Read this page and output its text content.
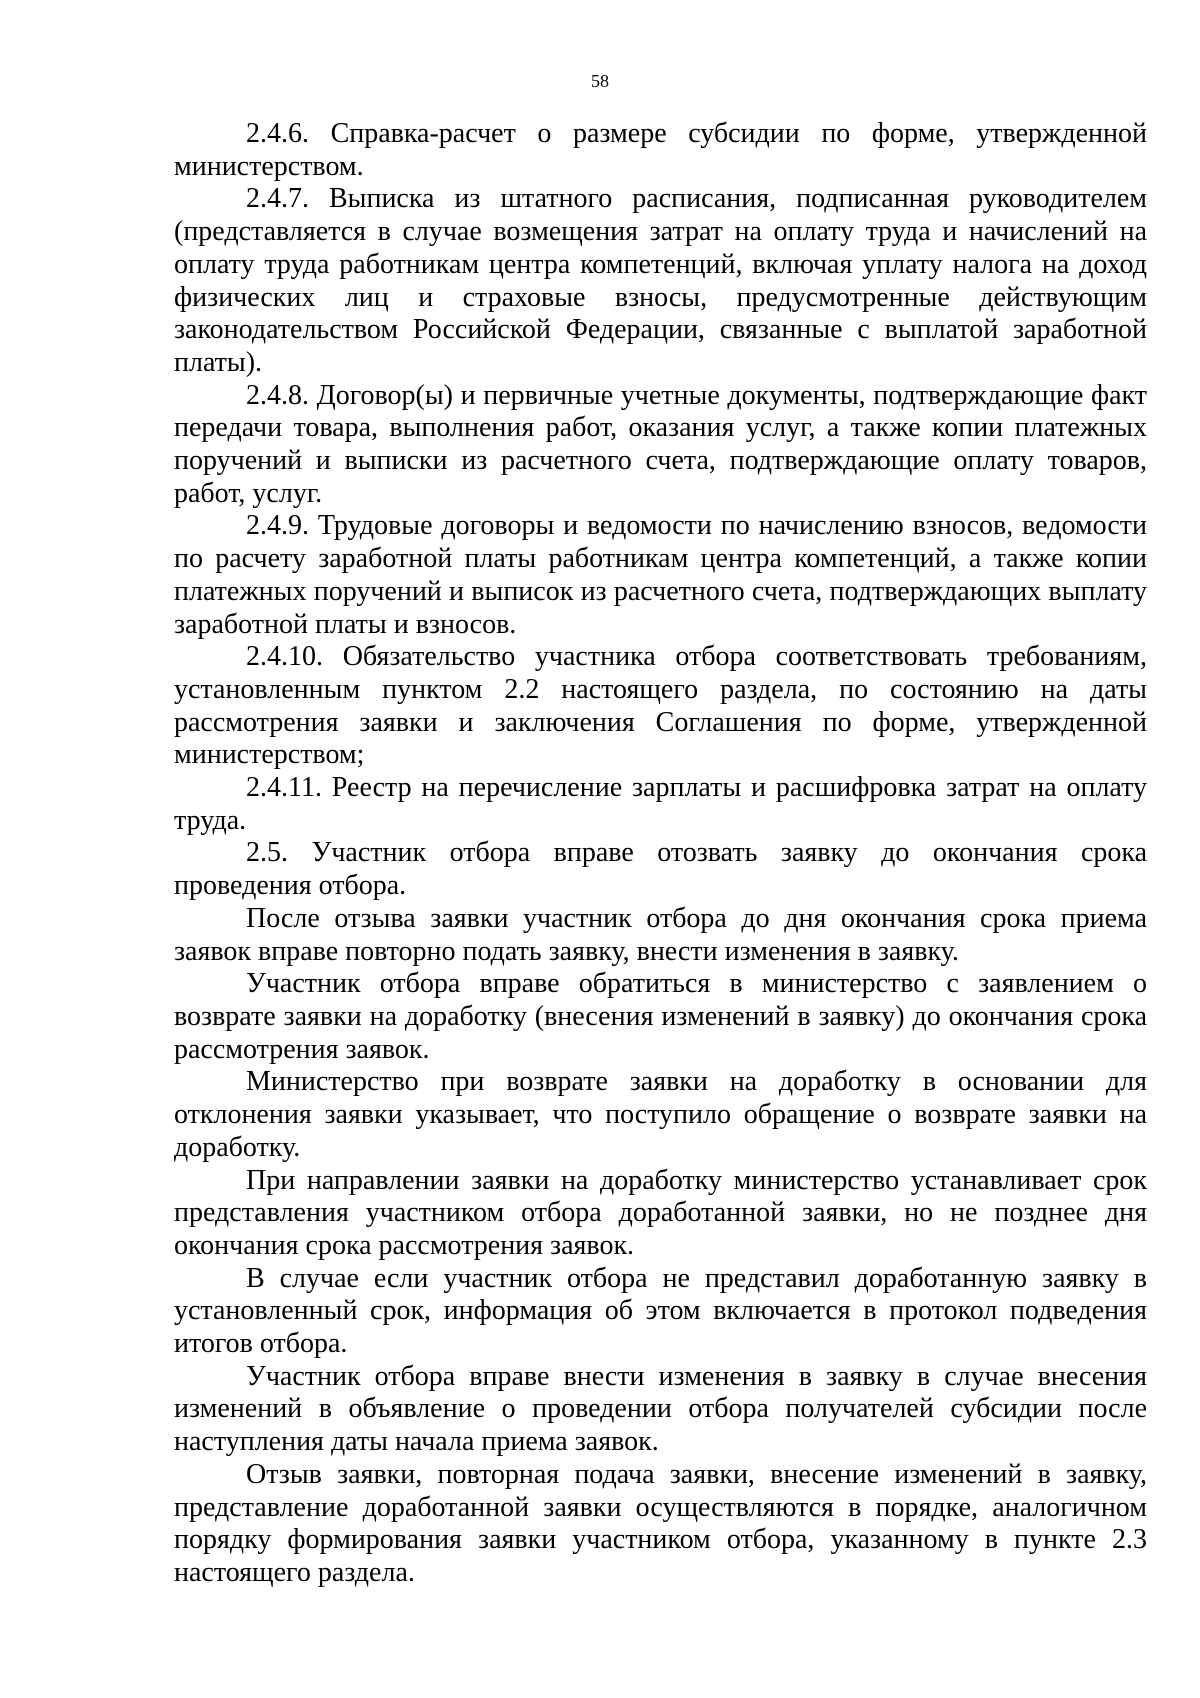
58

2.4.6. Справка-расчет о размере субсидии по форме, утвержденной министерством.

2.4.7. Выписка из штатного расписания, подписанная руководителем (представляется в случае возмещения затрат на оплату труда и начислений на оплату труда работникам центра компетенций, включая уплату налога на доход физических лиц и страховые взносы, предусмотренные действующим законодательством Российской Федерации, связанные с выплатой заработной платы).

2.4.8. Договор(ы) и первичные учетные документы, подтверждающие факт передачи товара, выполнения работ, оказания услуг, а также копии платежных поручений и выписки из расчетного счета, подтверждающие оплату товаров, работ, услуг.

2.4.9. Трудовые договоры и ведомости по начислению взносов, ведомости по расчету заработной платы работникам центра компетенций, а также копии платежных поручений и выписок из расчетного счета, подтверждающих выплату заработной платы и взносов.

2.4.10. Обязательство участника отбора соответствовать требованиям, установленным пунктом 2.2 настоящего раздела, по состоянию на даты рассмотрения заявки и заключения Соглашения по форме, утвержденной министерством;

2.4.11. Реестр на перечисление зарплаты и расшифровка затрат на оплату труда.

2.5. Участник отбора вправе отозвать заявку до окончания срока проведения отбора.

После отзыва заявки участник отбора до дня окончания срока приема заявок вправе повторно подать заявку, внести изменения в заявку.

Участник отбора вправе обратиться в министерство с заявлением о возврате заявки на доработку (внесения изменений в заявку) до окончания срока рассмотрения заявок.

Министерство при возврате заявки на доработку в основании для отклонения заявки указывает, что поступило обращение о возврате заявки на доработку.

При направлении заявки на доработку министерство устанавливает срок представления участником отбора доработанной заявки, но не позднее дня окончания срока рассмотрения заявок.

В случае если участник отбора не представил доработанную заявку в установленный срок, информация об этом включается в протокол подведения итогов отбора.

Участник отбора вправе внести изменения в заявку в случае внесения изменений в объявление о проведении отбора получателей субсидии после наступления даты начала приема заявок.

Отзыв заявки, повторная подача заявки, внесение изменений в заявку, представление доработанной заявки осуществляются в порядке, аналогичном порядку формирования заявки участником отбора, указанному в пункте 2.3 настоящего раздела.
